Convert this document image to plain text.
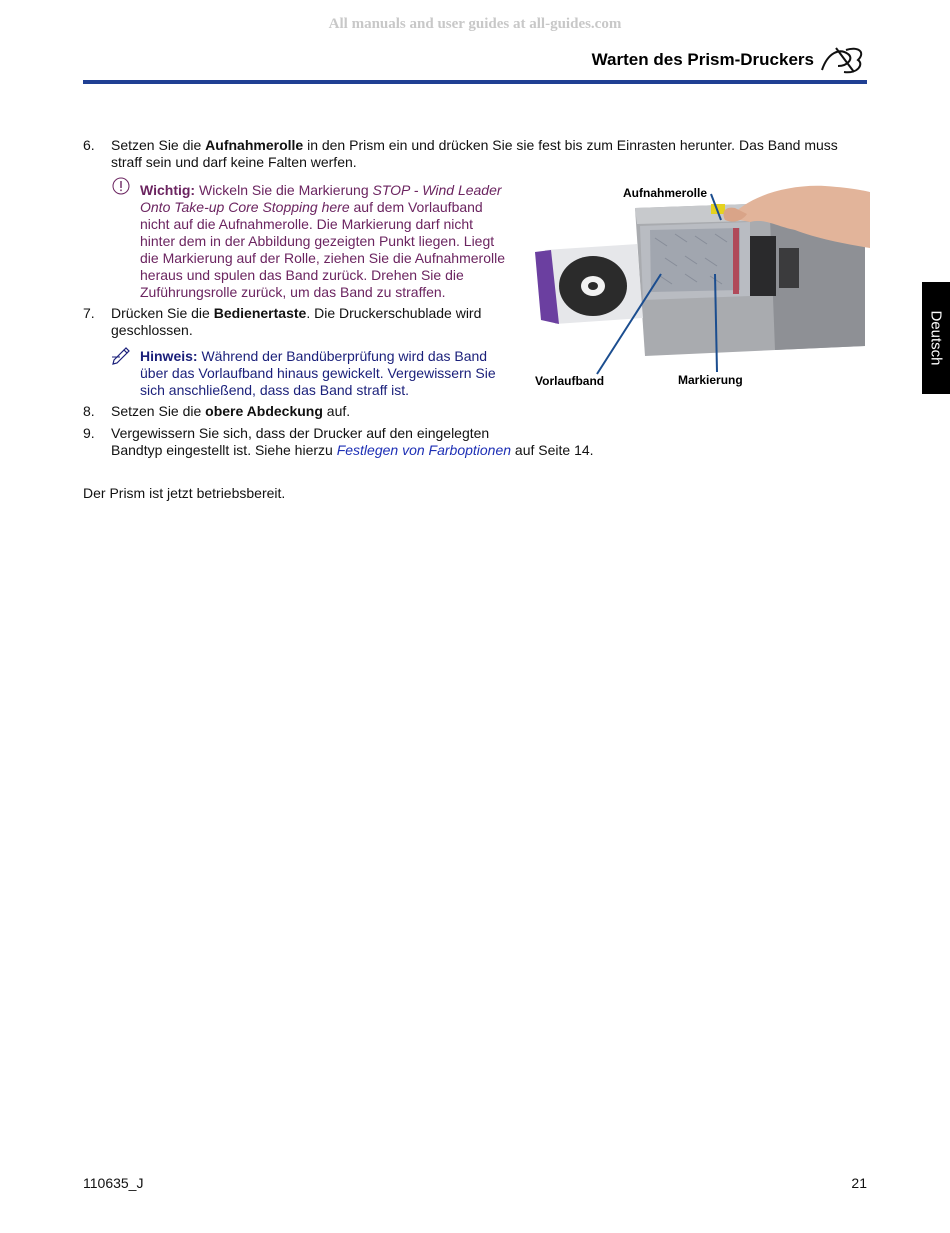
All manuals and user guides at all-guides.com
Warten des Prism-Druckers
Deutsch
6. Setzen Sie die Aufnahmerolle in den Prism ein und drücken Sie sie fest bis zum Einrasten herunter. Das Band muss
straff sein und darf keine Falten werfen.
Wichtig: Wickeln Sie die Markierung STOP - Wind Leader
Onto Take-up Core Stopping here auf dem Vorlaufband
nicht auf die Aufnahmerolle. Die Markierung darf nicht
hinter dem in der Abbildung gezeigten Punkt liegen. Liegt
die Markierung auf der Rolle, ziehen Sie die Aufnahmerolle
heraus und spulen das Band zurück. Drehen Sie die
Zuführungsrolle zurück, um das Band zu straffen.
7. Drücken Sie die Bedienertaste. Die Druckerschublade wird
geschlossen.
Hinweis: Während der Bandüberprüfung wird das Band
über das Vorlaufband hinaus gewickelt. Vergewissern Sie
sich anschließend, dass das Band straff ist.
8. Setzen Sie die obere Abdeckung auf.
9. Vergewissern Sie sich, dass der Drucker auf den eingelegten
Bandtyp eingestellt ist. Siehe hierzu Festlegen von Farboptionen auf Seite 14.
Der Prism ist jetzt betriebsbereit.
Aufnahmerolle
Vorlaufband	Markierung
110635_J	21
